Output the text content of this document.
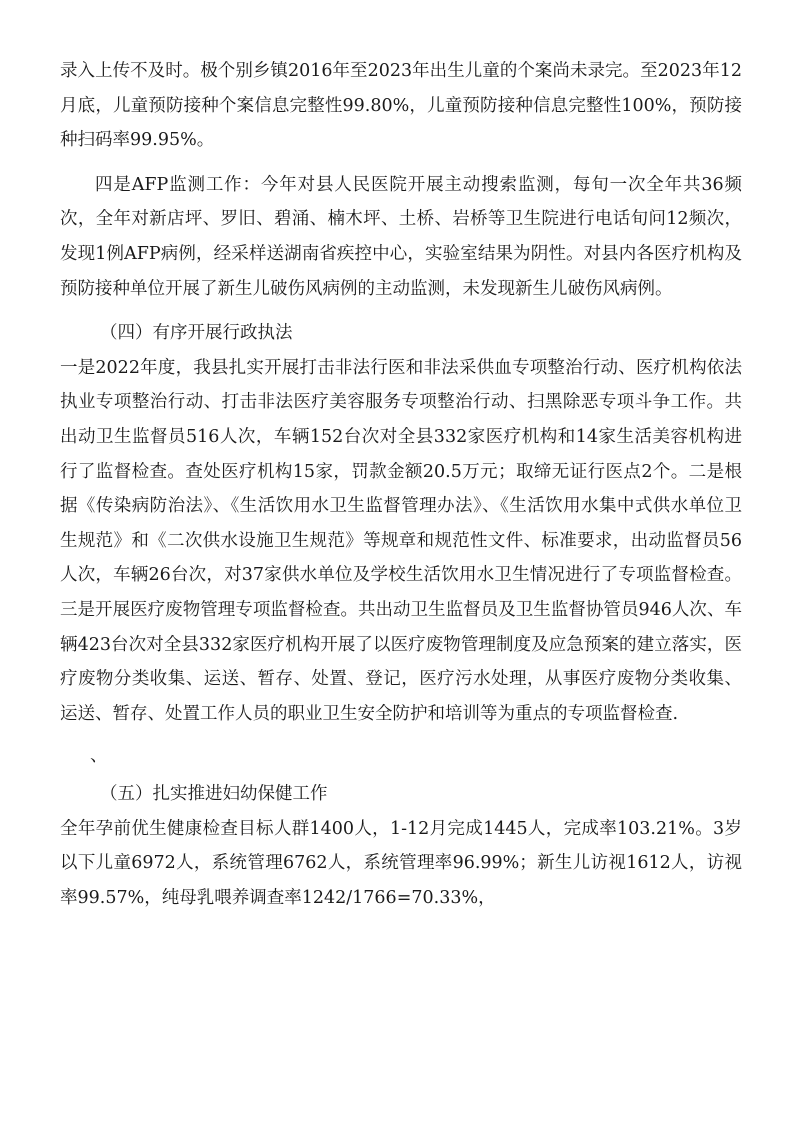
录入上传不及时。极个别乡镇2016年至2023年出生儿童的个案尚未录完。至2023年12月底，儿童预防接种个案信息完整性99.80%，儿童预防接种信息完整性100%，预防接种扫码率99.95%。

四是AFP监测工作：今年对县人民医院开展主动搜索监测，每旬一次全年共36频次，全年对新店坪、罗旧、碧涌、楠木坪、土桥、岩桥等卫生院进行电话旬问12频次，发现1例AFP病例，经采样送湖南省疾控中心，实验室结果为阴性。对县内各医疗机构及预防接种单位开展了新生儿破伤风病例的主动监测，未发现新生儿破伤风病例。

（四）有序开展行政执法

一是2022年度，我县扎实开展打击非法行医和非法采供血专项整治行动、医疗机构依法执业专项整治行动、打击非法医疗美容服务专项整治行动、扫黑除恶专项斗争工作。共出动卫生监督员516人次，车辆152台次对全县332家医疗机构和14家生活美容机构进行了监督检查。查处医疗机构15家，罚款金额20.5万元；取缔无证行医点2个。二是根据《传染病防治法》、《生活饮用水卫生监督管理办法》、《生活饮用水集中式供水单位卫生规范》和《二次供水设施卫生规范》等规章和规范性文件、标准要求，出动监督员56人次，车辆26台次，对37家供水单位及学校生活饮用水卫生情况进行了专项监督检查。三是开展医疗废物管理专项监督检查。共出动卫生监督员及卫生监督协管员946人次、车辆423台次对全县332家医疗机构开展了以医疗废物管理制度及应急预案的建立落实，医疗废物分类收集、运送、暂存、处置、登记，医疗污水处理，从事医疗废物分类收集、运送、暂存、处置工作人员的职业卫生安全防护和培训等为重点的专项监督检查.

、

（五）扎实推进妇幼保健工作

全年孕前优生健康检查目标人群1400人，1-12月完成1445人，完成率103.21%。3岁以下儿童6972人，系统管理6762人，系统管理率96.99%；新生儿访视1612人，访视率99.57%，纯母乳喂养调查率1242/1766=70.33%，
